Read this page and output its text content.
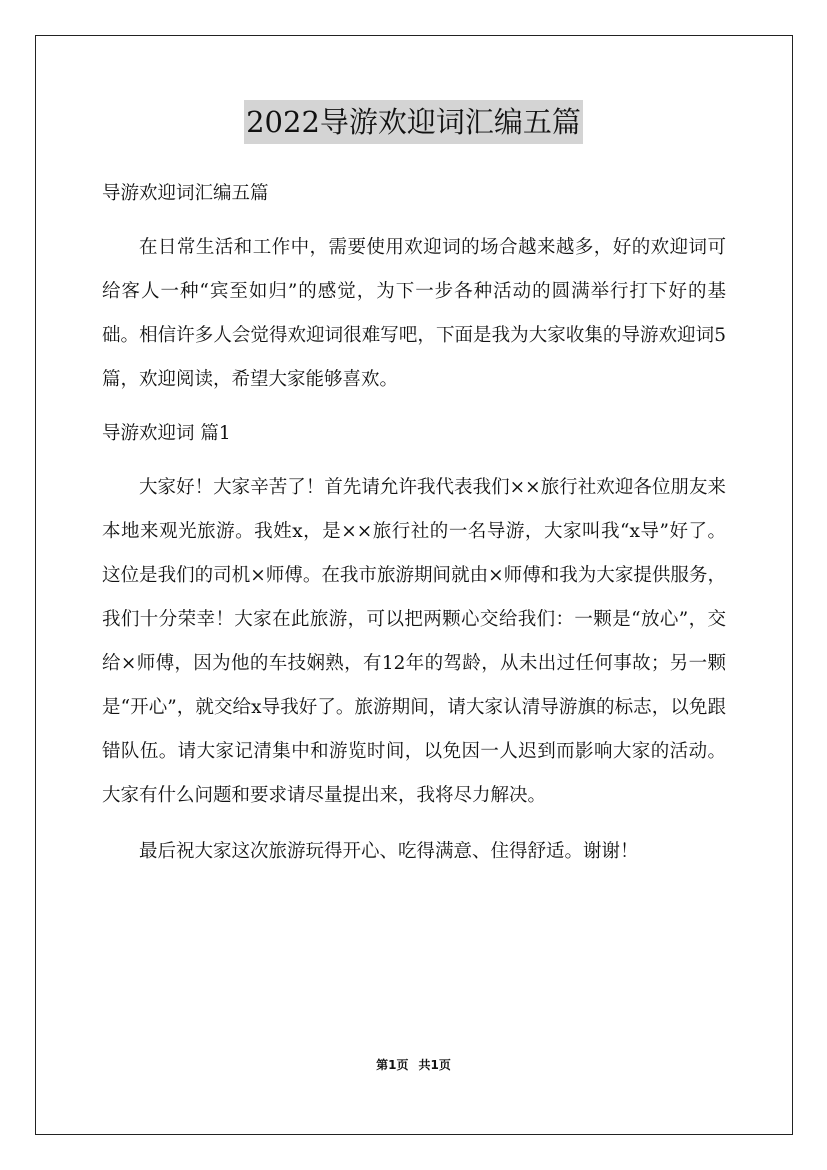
2022导游欢迎词汇编五篇

导游欢迎词汇编五篇

在日常生活和工作中，需要使用欢迎词的场合越来越多，好的欢迎词可给客人一种“宾至如归”的感觉，为下一步各种活动的圆满举行打下好的基础。相信许多人会觉得欢迎词很难写吧，下面是我为大家收集的导游欢迎词5篇，欢迎阅读，希望大家能够喜欢。

导游欢迎词 篇1

大家好！大家辛苦了！首先请允许我代表我们××旅行社欢迎各位朋友来本地来观光旅游。我姓x，是××旅行社的一名导游，大家叫我“x导”好了。这位是我们的司机×师傅。在我市旅游期间就由×师傅和我为大家提供服务，我们十分荣幸！大家在此旅游，可以把两颗心交给我们：一颗是“放心”，交给×师傅，因为他的车技娴熟，有12年的驾龄，从未出过任何事故；另一颗是“开心”，就交给x导我好了。旅游期间，请大家认清导游旗的标志，以免跟错队伍。请大家记清集中和游览时间，以免因一人迟到而影响大家的活动。大家有什么问题和要求请尽量提出来，我将尽力解决。

最后祝大家这次旅游玩得开心、吃得满意、住得舒适。谢谢！

第1页 共1页
